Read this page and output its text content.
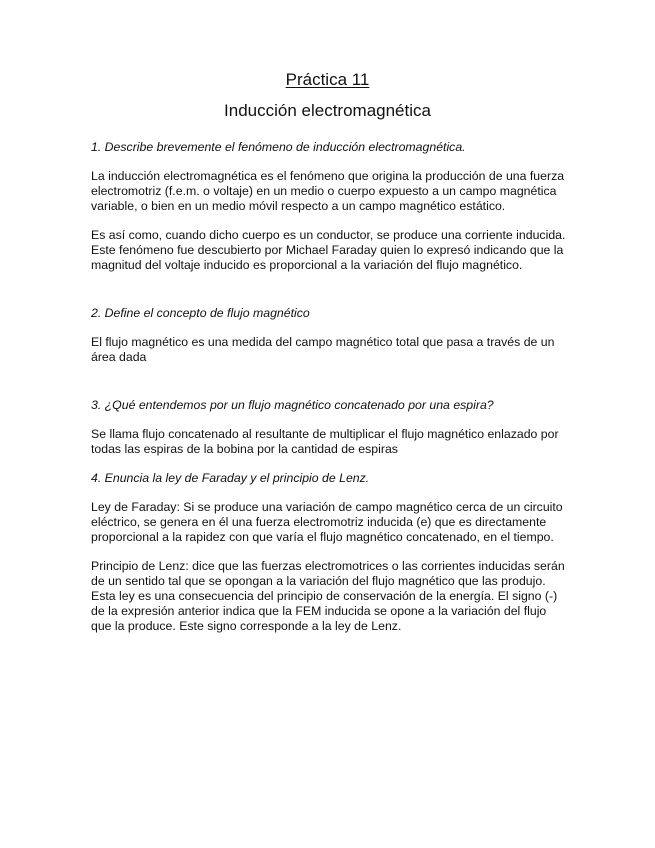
Práctica 11
Inducción electromagnética

1. Describe brevemente el fenómeno de inducción electromagnética.

La inducción electromagnética es el fenómeno que origina la producción de una fuerza electromotriz (f.e.m. o voltaje) en un medio o cuerpo expuesto a un campo magnética variable, o bien en un medio móvil respecto a un campo magnético estático.

Es así como, cuando dicho cuerpo es un conductor, se produce una corriente inducida. Este fenómeno fue descubierto por Michael Faraday quien lo expresó indicando que la magnitud del voltaje inducido es proporcional a la variación del flujo magnético.

2. Define el concepto de flujo magnético

El flujo magnético es una medida del campo magnético total que pasa a través de un área dada

3. ¿Qué entendemos por un flujo magnético concatenado por una espira?

Se llama flujo concatenado al resultante de multiplicar el flujo magnético enlazado por todas las espiras de la bobina por la cantidad de espiras

4. Enuncia la ley de Faraday y el principio de Lenz.

Ley de Faraday: Si se produce una variación de campo magnético cerca de un circuito eléctrico, se genera en él una fuerza electromotriz inducida (e) que es directamente proporcional a la rapidez con que varía el flujo magnético concatenado, en el tiempo.

Principio de Lenz: dice que las fuerzas electromotrices o las corrientes inducidas serán de un sentido tal que se opongan a la variación del flujo magnético que las produjo. Esta ley es una consecuencia del principio de conservación de la energía. El signo (-) de la expresión anterior indica que la FEM inducida se opone a la variación del flujo que la produce. Este signo corresponde a la ley de Lenz.
